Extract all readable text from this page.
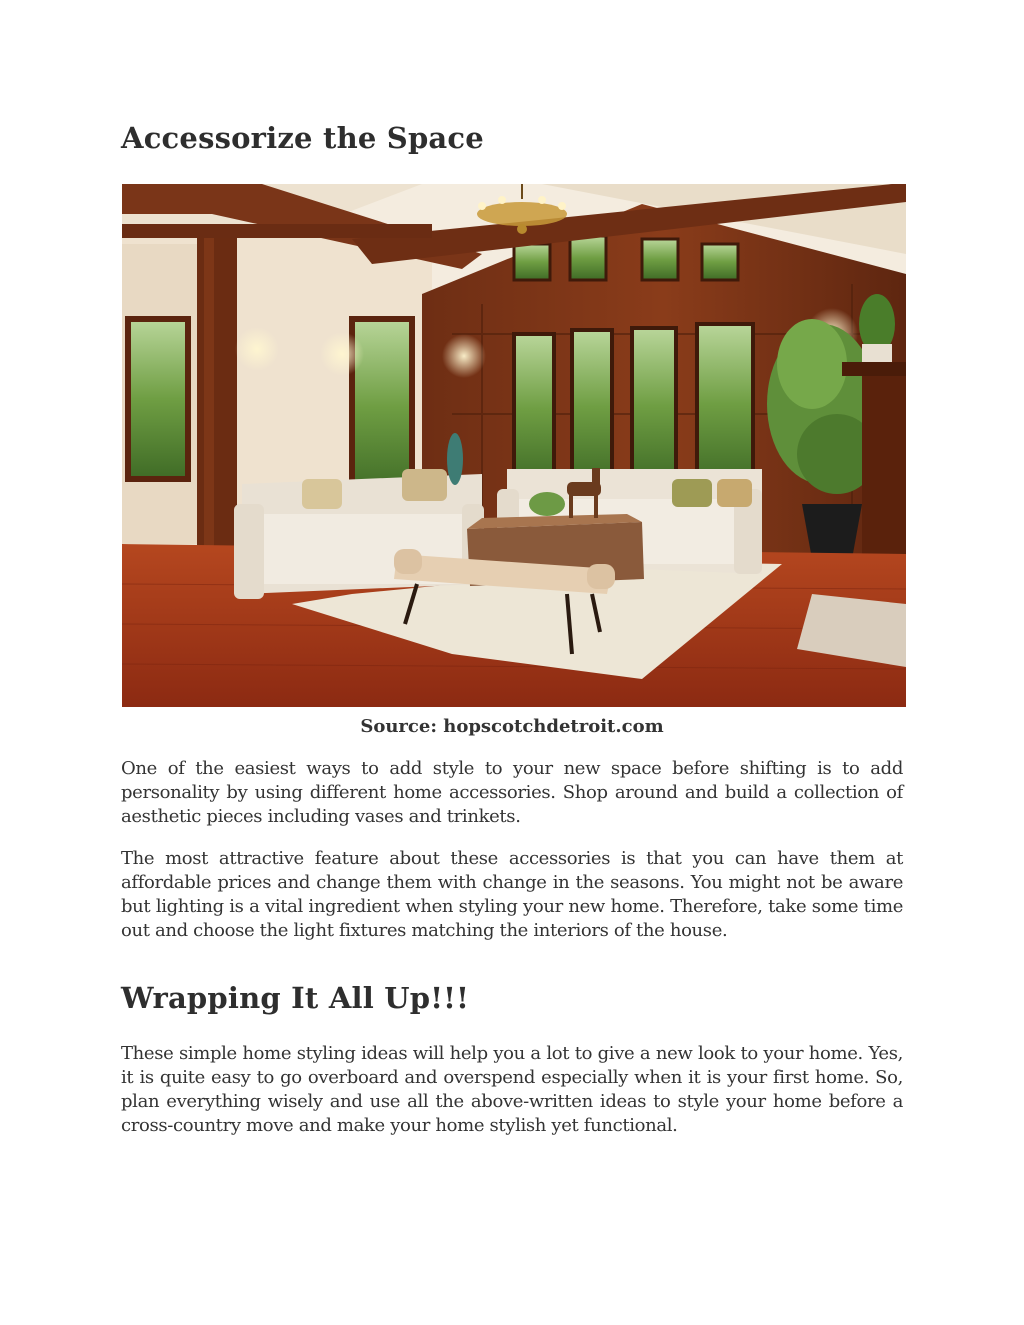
Accessorize the Space
Source: hopscotchdetroit.com

One of the easiest ways to add style to your new space before shifting is to add personality by using different home accessories. Shop around and build a collection of aesthetic pieces including vases and trinkets.

The most attractive feature about these accessories is that you can have them at affordable prices and change them with change in the seasons. You might not be aware but lighting is a vital ingredient when styling your new home. Therefore, take some time out and choose the light fixtures matching the interiors of the house.

Wrapping It All Up!!!

These simple home styling ideas will help you a lot to give a new look to your home. Yes, it is quite easy to go overboard and overspend especially when it is your first home. So, plan everything wisely and use all the above-written ideas to style your home before a cross-country move and make your home stylish yet functional.
